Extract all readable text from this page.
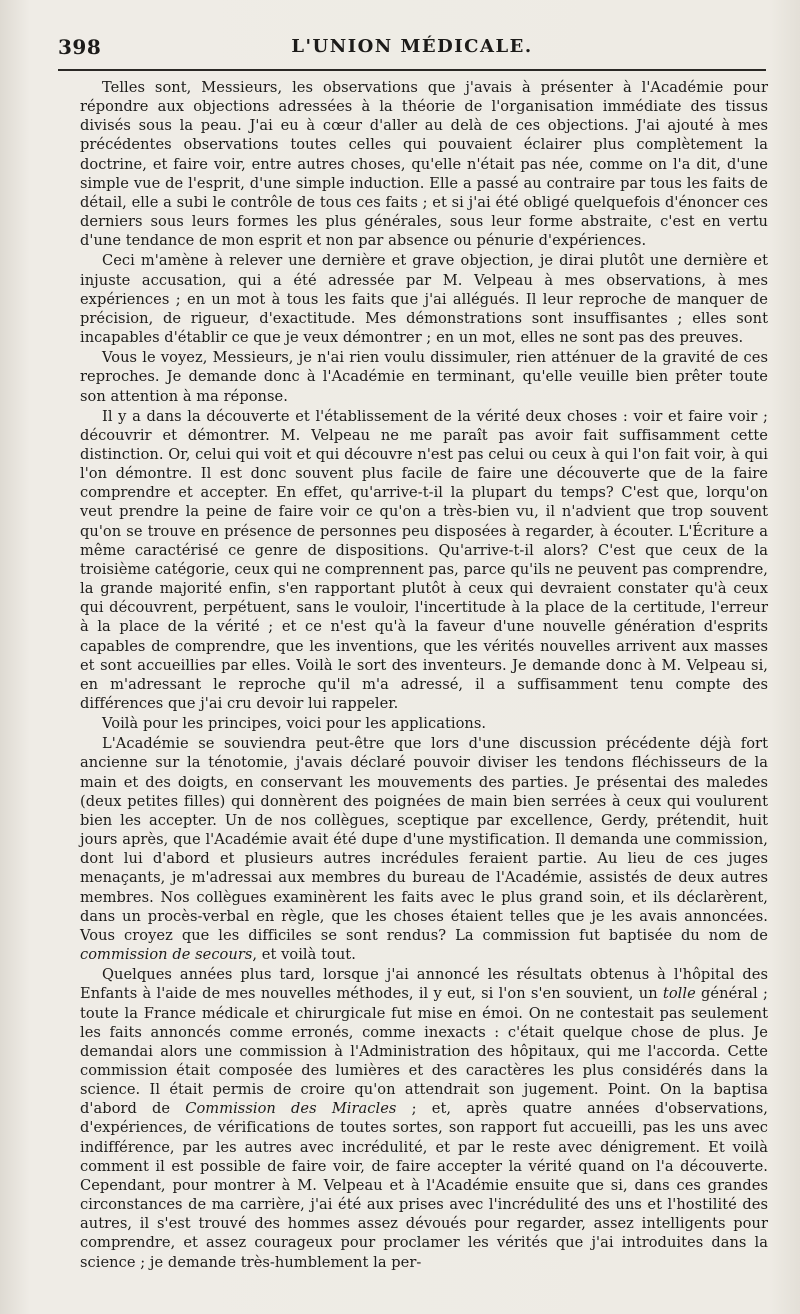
398	L'UNION MÉDICALE.

Telles sont, Messieurs, les observations que j'avais à présenter à l'Académie pour répondre aux objections adressées à la théorie de l'organisation immédiate des tissus divisés sous la peau. J'ai eu à cœur d'aller au delà de ces objections. J'ai ajouté à mes précédentes observations toutes celles qui pouvaient éclairer plus complètement la doctrine, et faire voir, entre autres choses, qu'elle n'était pas née, comme on l'a dit, d'une simple vue de l'esprit, d'une simple induction. Elle a passé au contraire par tous les faits de détail, elle a subi le contrôle de tous ces faits ; et si j'ai été obligé quelquefois d'énoncer ces derniers sous leurs formes les plus générales, sous leur forme abstraite, c'est en vertu d'une tendance de mon esprit et non par absence ou pénurie d'expériences.

Ceci m'amène à relever une dernière et grave objection, je dirai plutôt une dernière et injuste accusation, qui a été adressée par M. Velpeau à mes observations, à mes expériences ; en un mot à tous les faits que j'ai allégués. Il leur reproche de manquer de précision, de rigueur, d'exactitude. Mes démonstrations sont insuffisantes ; elles sont incapables d'établir ce que je veux démontrer ; en un mot, elles ne sont pas des preuves.

Vous le voyez, Messieurs, je n'ai rien voulu dissimuler, rien atténuer de la gravité de ces reproches. Je demande donc à l'Académie en terminant, qu'elle veuille bien prêter toute son attention à ma réponse.

Il y a dans la découverte et l'établissement de la vérité deux choses : voir et faire voir ; découvrir et démontrer. M. Velpeau ne me paraît pas avoir fait suffisamment cette distinction. Or, celui qui voit et qui découvre n'est pas celui ou ceux à qui l'on fait voir, à qui l'on démontre. Il est donc souvent plus facile de faire une découverte que de la faire comprendre et accepter. En effet, qu'arrive-t-il la plupart du temps? C'est que, lorqu'on veut prendre la peine de faire voir ce qu'on a très-bien vu, il n'advient que trop souvent qu'on se trouve en présence de personnes peu disposées à regarder, à écouter. L'Écriture a même caractérisé ce genre de dispositions. Qu'arrive-t-il alors? C'est que ceux de la troisième catégorie, ceux qui ne comprennent pas, parce qu'ils ne peuvent pas comprendre, la grande majorité enfin, s'en rapportant plutôt à ceux qui devraient constater qu'à ceux qui découvrent, perpétuent, sans le vouloir, l'incertitude à la place de la certitude, l'erreur à la place de la vérité ; et ce n'est qu'à la faveur d'une nouvelle génération d'esprits capables de comprendre, que les inventions, que les vérités nouvelles arrivent aux masses et sont accueillies par elles. Voilà le sort des inventeurs. Je demande donc à M. Velpeau si, en m'adressant le reproche qu'il m'a adressé, il a suffisamment tenu compte des différences que j'ai cru devoir lui rappeler.

Voilà pour les principes, voici pour les applications.

L'Académie se souviendra peut-être que lors d'une discussion précédente déjà fort ancienne sur la ténotomie, j'avais déclaré pouvoir diviser les tendons fléchisseurs de la main et des doigts, en conservant les mouvements des parties. Je présentai des maledes (deux petites filles) qui donnèrent des poignées de main bien serrées à ceux qui voulurent bien les accepter. Un de nos collègues, sceptique par excellence, Gerdy, prétendit, huit jours après, que l'Académie avait été dupe d'une mystification. Il demanda une commission, dont lui d'abord et plusieurs autres incrédules feraient partie. Au lieu de ces juges menaçants, je m'adressai aux membres du bureau de l'Académie, assistés de deux autres membres. Nos collègues examinèrent les faits avec le plus grand soin, et ils déclarèrent, dans un procès-verbal en règle, que les choses étaient telles que je les avais annoncées. Vous croyez que les difficiles se sont rendus? La commission fut baptisée du nom de commission de secours, et voilà tout.

Quelques années plus tard, lorsque j'ai annoncé les résultats obtenus à l'hôpital des Enfants à l'aide de mes nouvelles méthodes, il y eut, si l'on s'en souvient, un tolle général ; toute la France médicale et chirurgicale fut mise en émoi. On ne contestait pas seulement les faits annoncés comme erronés, comme inexacts : c'était quelque chose de plus. Je demandai alors une commission à l'Administration des hôpitaux, qui me l'accorda. Cette commission était composée des lumières et des caractères les plus considérés dans la science. Il était permis de croire qu'on attendrait son jugement. Point. On la baptisa d'abord de Commission des Miracles ; et, après quatre années d'observations, d'expériences, de vérifications de toutes sortes, son rapport fut accueilli, pas les uns avec indifférence, par les autres avec incrédulité, et par le reste avec dénigrement. Et voilà comment il est possible de faire voir, de faire accepter la vérité quand on l'a découverte. Cependant, pour montrer à M. Velpeau et à l'Académie ensuite que si, dans ces grandes circonstances de ma carrière, j'ai été aux prises avec l'incrédulité des uns et l'hostilité des autres, il s'est trouvé des hommes assez dévoués pour regarder, assez intelligents pour comprendre, et assez courageux pour proclamer les vérités que j'ai introduites dans la science ; je demande très-humblement la per-
